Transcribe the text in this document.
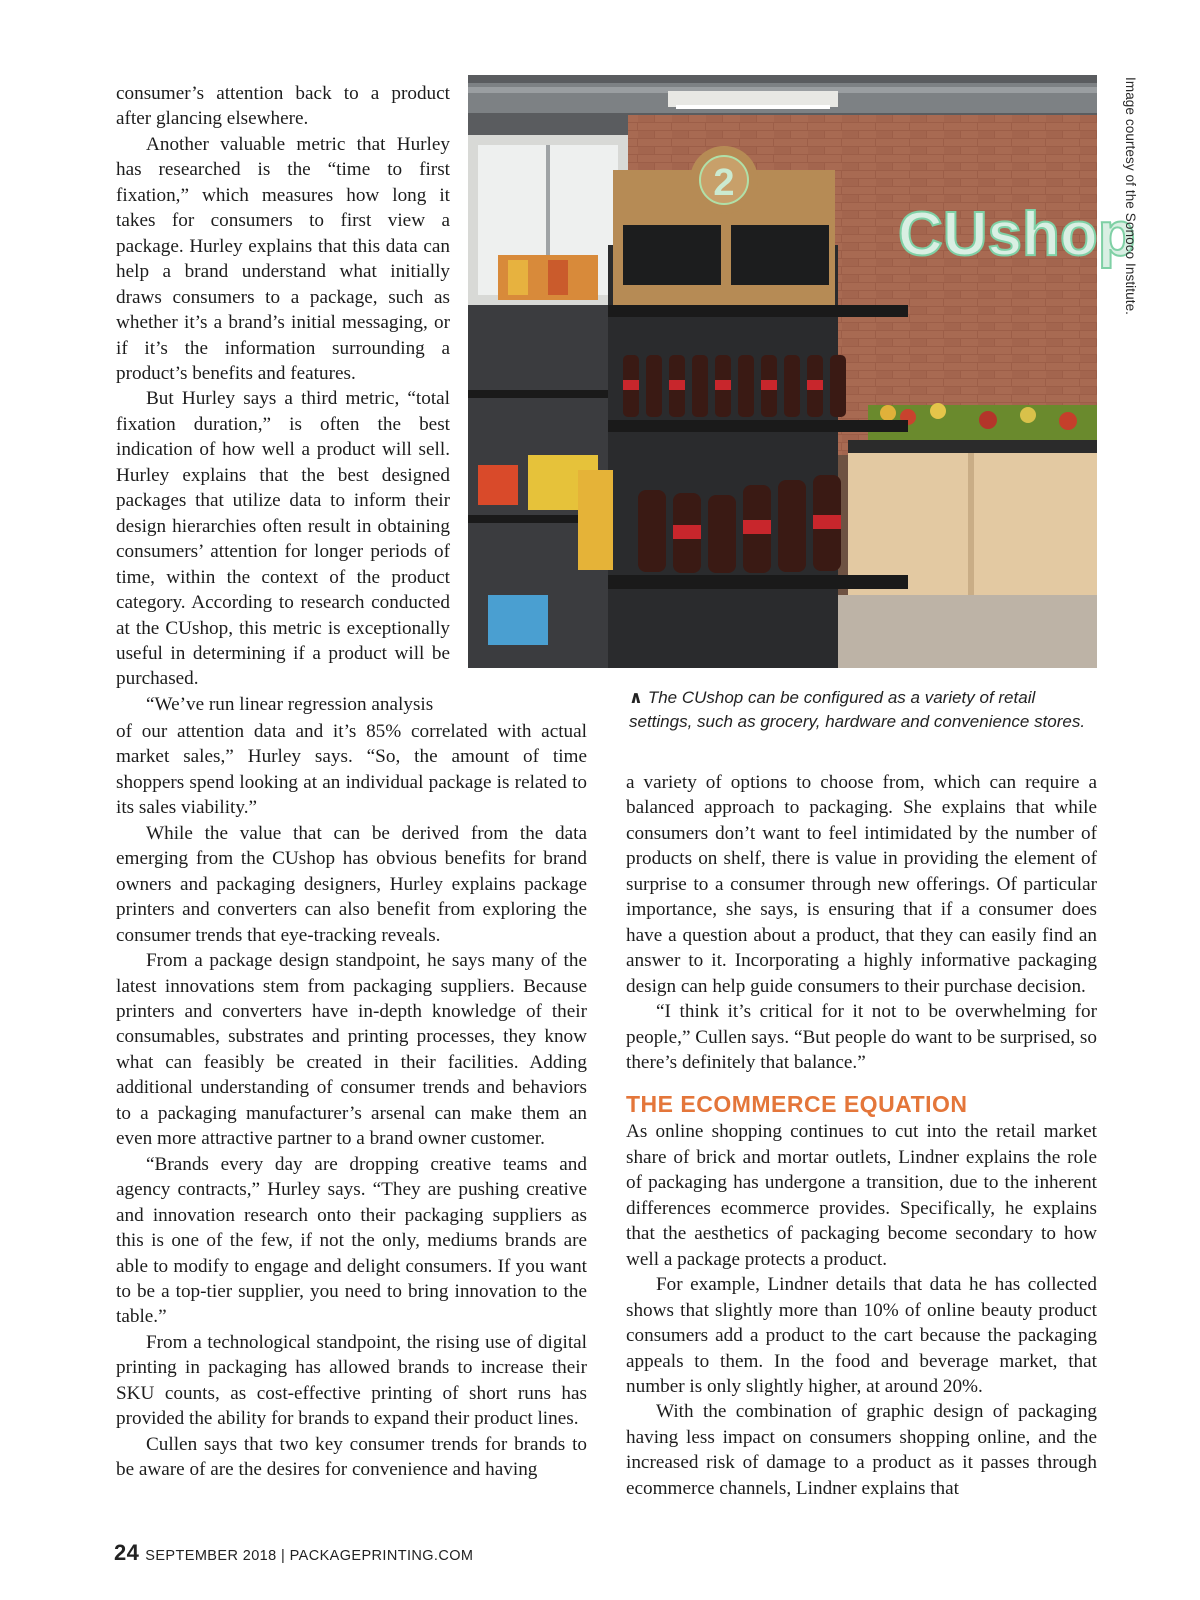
consumer’s attention back to a product after glancing elsewhere.

Another valuable metric that Hurley has researched is the “time to first fixation,” which measures how long it takes for consumers to first view a package. Hurley explains that this data can help a brand understand what initially draws consumers to a package, such as whether it’s a brand’s initial messaging, or if it’s the information surrounding a product’s benefits and features.

But Hurley says a third metric, “total fixation duration,” is often the best indication of how well a product will sell. Hurley explains that the best designed packages that utilize data to inform their design hierarchies often result in obtaining consumers’ attention for longer periods of time, within the context of the product category. According to research conducted at the CUshop, this metric is exceptionally useful in determining if a product will be purchased.

“We’ve run linear regression analysis

of our attention data and it’s 85% correlated with actual market sales,” Hurley says. “So, the amount of time shoppers spend looking at an individual package is related to its sales viability.”

While the value that can be derived from the data emerging from the CUshop has obvious benefits for brand owners and packaging designers, Hurley explains package printers and converters can also benefit from exploring the consumer trends that eye-tracking reveals.

From a package design standpoint, he says many of the latest innovations stem from packaging suppliers. Because printers and converters have in-depth knowledge of their consumables, substrates and printing processes, they know what can feasibly be created in their facilities. Adding additional understanding of consumer trends and behaviors to a packaging manufacturer’s arsenal can make them an even more attractive partner to a brand owner customer.

“Brands every day are dropping creative teams and agency contracts,” Hurley says. “They are pushing creative and innovation research onto their packaging suppliers as this is one of the few, if not the only, mediums brands are able to modify to engage and delight consumers. If you want to be a top-tier supplier, you need to bring innovation to the table.”

From a technological standpoint, the rising use of digital printing in packaging has allowed brands to increase their SKU counts, as cost-effective printing of short runs has provided the ability for brands to expand their product lines.

Cullen says that two key consumer trends for brands to be aware of are the desires for convenience and having

CUshop
2	Image courtesy of the Sonoco Institute.
∧ The CUshop can be configured as a variety of retail settings, such as grocery, hardware and convenience stores.

a variety of options to choose from, which can require a balanced approach to packaging. She explains that while consumers don’t want to feel intimidated by the number of products on shelf, there is value in providing the element of surprise to a consumer through new offerings. Of particular importance, she says, is ensuring that if a consumer does have a question about a product, that they can easily find an answer to it. Incorporating a highly informative packaging design can help guide consumers to their purchase decision.

“I think it’s critical for it not to be overwhelming for people,” Cullen says. “But people do want to be surprised, so there’s definitely that balance.”

THE ECOMMERCE EQUATION

As online shopping continues to cut into the retail market share of brick and mortar outlets, Lindner explains the role of packaging has undergone a transition, due to the inherent differences ecommerce provides. Specifically, he explains that the aesthetics of packaging become secondary to how well a package protects a product.

For example, Lindner details that data he has collected shows that slightly more than 10% of online beauty product consumers add a product to the cart because the packaging appeals to them. In the food and beverage market, that number is only slightly higher, at around 20%.

With the combination of graphic design of packaging having less impact on consumers shopping online, and the increased risk of damage to a product as it passes through ecommerce channels, Lindner explains that

24 SEPTEMBER 2018 | PACKAGEPRINTING.COM
